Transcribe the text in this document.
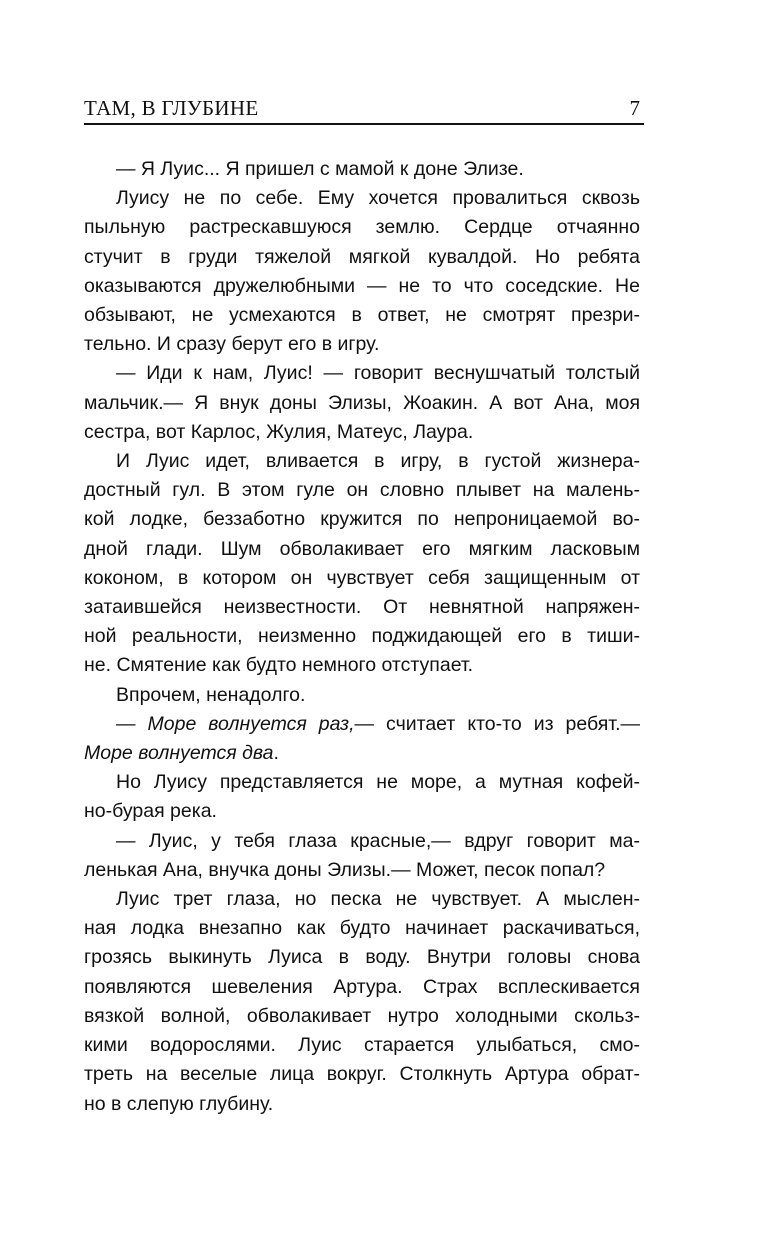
ТАМ, В ГЛУБИНЕ	7
— Я Луис... Я пришел с мамой к доне Элизе.
Луису не по себе. Ему хочется провалиться сквозь
пыльную растрескавшуюся землю. Сердце отчаянно
стучит в груди тяжелой мягкой кувалдой. Но ребята
оказываются дружелюбными — не то что соседские. Не
обзывают, не усмехаются в ответ, не смотрят презри-
тельно. И сразу берут его в игру.
— Иди к нам, Луис! — говорит веснушчатый толстый
мальчик.— Я внук доны Элизы, Жоакин. А вот Ана, моя
сестра, вот Карлос, Жулия, Матеус, Лаура.
И Луис идет, вливается в игру, в густой жизнера-
достный гул. В этом гуле он словно плывет на малень-
кой лодке, беззаботно кружится по непроницаемой во-
дной глади. Шум обволакивает его мягким ласковым
коконом, в котором он чувствует себя защищенным от
затаившейся неизвестности. От невнятной напряжен-
ной реальности, неизменно поджидающей его в тиши-
не. Смятение как будто немного отступает.
Впрочем, ненадолго.
— Море волнуется раз,— считает кто-то из ребят.—
Море волнуется два.
Но Луису представляется не море, а мутная кофей-
но-бурая река.
— Луис, у тебя глаза красные,— вдруг говорит ма-
ленькая Ана, внучка доны Элизы.— Может, песок попал?
Луис трет глаза, но песка не чувствует. А мыслен-
ная лодка внезапно как будто начинает раскачиваться,
грозясь выкинуть Луиса в воду. Внутри головы снова
появляются шевеления Артура. Страх всплескивается
вязкой волной, обволакивает нутро холодными скольз-
кими водорослями. Луис старается улыбаться, смо-
треть на веселые лица вокруг. Столкнуть Артура обрат-
но в слепую глубину.
